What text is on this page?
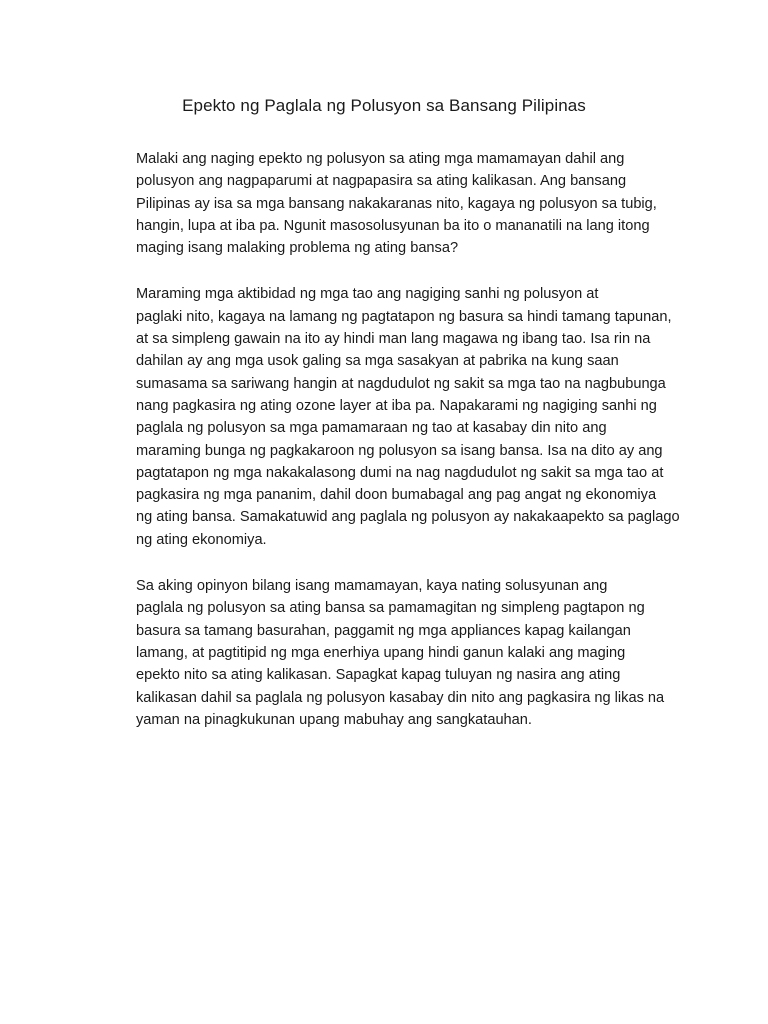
Epekto ng Paglala ng Polusyon sa Bansang Pilipinas

Malaki ang naging epekto ng polusyon sa ating mga mamamayan dahil ang
polusyon ang nagpaparumi at nagpapasira sa ating kalikasan. Ang bansang
Pilipinas ay isa sa mga bansang nakakaranas nito, kagaya ng polusyon sa tubig,
hangin, lupa at iba pa. Ngunit masosolusyunan ba ito o mananatili na lang itong
maging isang malaking problema ng ating bansa?

Maraming mga aktibidad ng mga tao ang nagiging sanhi ng polusyon at
paglaki nito, kagaya na lamang ng pagtatapon ng basura sa hindi tamang tapunan,
at sa simpleng gawain na ito ay hindi man lang magawa ng ibang tao. Isa rin na
dahilan ay ang mga usok galing sa mga sasakyan at pabrika na kung saan
sumasama sa sariwang hangin at nagdudulot ng sakit sa mga tao na nagbubunga
nang pagkasira ng ating ozone layer at iba pa. Napakarami ng nagiging sanhi ng
paglala ng polusyon sa mga pamamaraan ng tao at kasabay din nito ang
maraming bunga ng pagkakaroon ng polusyon sa isang bansa. Isa na dito ay ang
pagtatapon ng mga nakakalasong dumi na nag nagdudulot ng sakit sa mga tao at
pagkasira ng mga pananim, dahil doon bumabagal ang pag angat ng ekonomiya
ng ating bansa. Samakatuwid ang paglala ng polusyon ay nakakaapekto sa paglago
ng ating ekonomiya.

Sa aking opinyon bilang isang mamamayan, kaya nating solusyunan ang
paglala ng polusyon sa ating bansa sa pamamagitan ng simpleng pagtapon ng
basura sa tamang basurahan, paggamit ng mga appliances kapag kailangan
lamang, at pagtitipid ng mga enerhiya upang hindi ganun kalaki ang maging
epekto nito sa ating kalikasan. Sapagkat kapag tuluyan ng nasira ang ating
kalikasan dahil sa paglala ng polusyon kasabay din nito ang pagkasira ng likas na
yaman na pinagkukunan upang mabuhay ang sangkatauhan.
